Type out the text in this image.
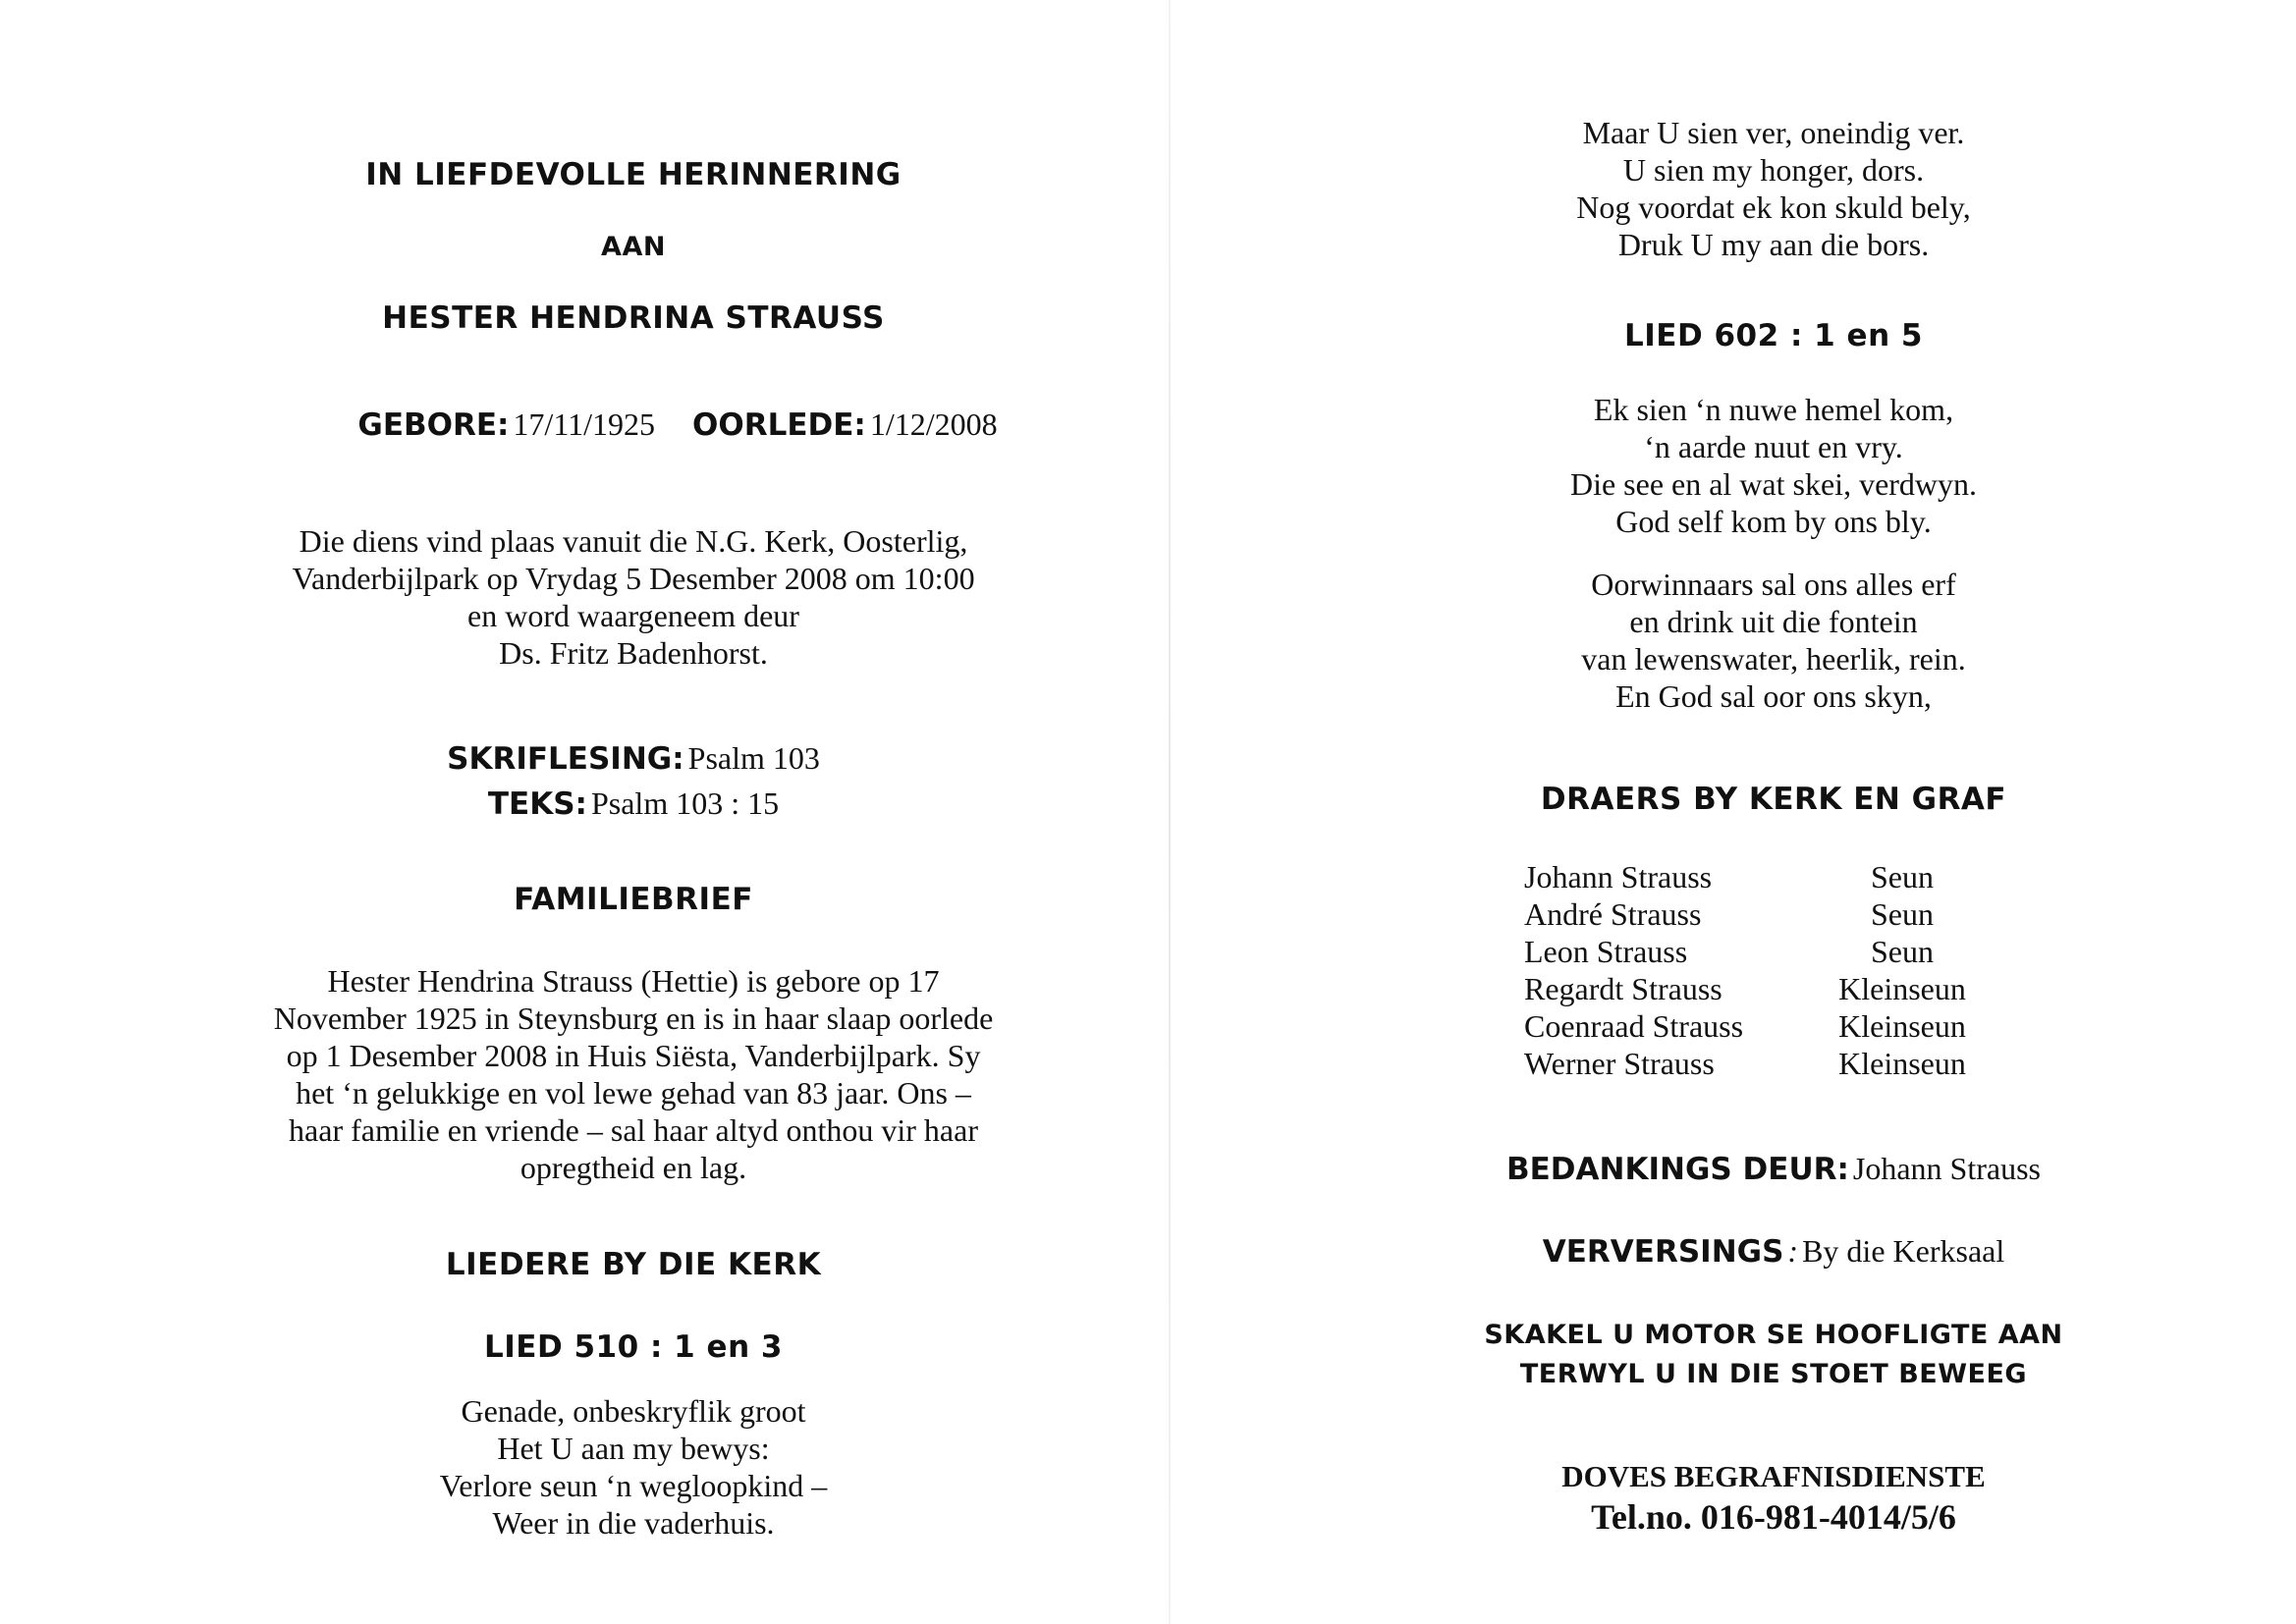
IN LIEFDEVOLLE HERINNERING
AAN
HESTER HENDRINA STRAUSS
GEBORE: 17/11/1925 OORLEDE: 1/12/2008
Die diens vind plaas vanuit die N.G. Kerk, Oosterlig,
Vanderbijlpark op Vrydag 5 Desember 2008 om 10:00
en word waargeneem deur
Ds. Fritz Badenhorst.
SKRIFLESING: Psalm 103
TEKS: Psalm 103 : 15
FAMILIEBRIEF
Hester Hendrina Strauss (Hettie) is gebore op 17
November 1925 in Steynsburg en is in haar slaap oorlede
op 1 Desember 2008 in Huis Siësta, Vanderbijlpark. Sy
het ‘n gelukkige en vol lewe gehad van 83 jaar. Ons –
haar familie en vriende – sal haar altyd onthou vir haar
opregtheid en lag.
LIEDERE BY DIE KERK
LIED 510 : 1 en 3
Genade, onbeskryflik groot
Het U aan my bewys:
Verlore seun ‘n wegloopkind –
Weer in die vaderhuis.
Maar U sien ver, oneindig ver.
U sien my honger, dors.
Nog voordat ek kon skuld bely,
Druk U my aan die bors.
LIED 602 : 1 en 5
Ek sien ‘n nuwe hemel kom,
‘n aarde nuut en vry.
Die see en al wat skei, verdwyn.
God self kom by ons bly.
Oorwinnaars sal ons alles erf
en drink uit die fontein
van lewenswater, heerlik, rein.
En God sal oor ons skyn,
DRAERS BY KERK EN GRAF
Johann Strauss	Seun
André Strauss	Seun
Leon Strauss	Seun
Regardt Strauss	Kleinseun
Coenraad Strauss	Kleinseun
Werner Strauss	Kleinseun
BEDANKINGS DEUR: Johann Strauss
VERVERSINGS : By die Kerksaal
SKAKEL U MOTOR SE HOOFLIGTE AAN
TERWYL U IN DIE STOET BEWEEG
DOVES BEGRAFNISDIENSTE
Tel.no. 016-981-4014/5/6
